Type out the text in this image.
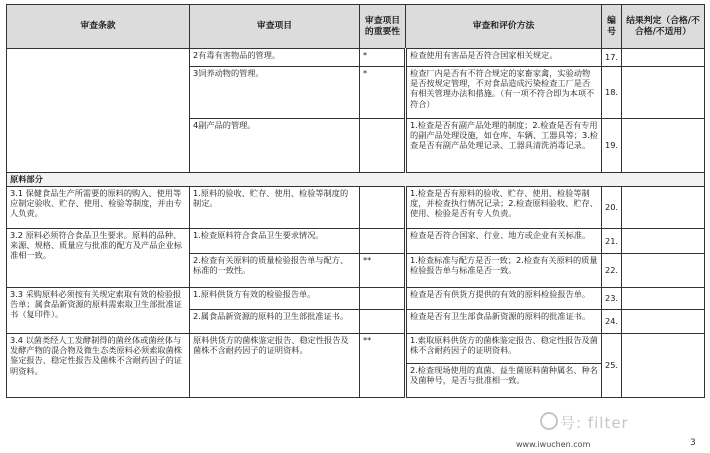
审查条款	审查项目	审查项目的重要性	审查和评价方法	编号	结果判定（合格/不合格/不适用）
	2有毒有害物品的管理。	*	检查使用有害品是否符合国家相关规定。	17.	
	3饲养动物的管理。	*	检查厂内是否有不符合规定的家畜家禽，实验动物是否按规定管理，不对食品造成污染检查工厂是否有相关管理办法和措施。（有一项不符合即为本项不符合）	18.	
	4副产品的管理。		1.检查是否有副产品处理的制度；2.检查是否有专用的副产品处理设施，如仓库、车辆、工器具等；3.检查是否有副产品处理记录、工器具清洗消毒记录。	19.	
原料部分					
3.1 保健食品生产所需要的原料的购入、使用等应制定验收、贮存、使用、检验等制度，并由专人负责。	1.原料的验收、贮存、使用、检验等制度的制定。		1.检查是否有原料的验收、贮存、使用、检验等制度，并检查执行情况记录；2.检查原料验收、贮存、使用、检验是否有专人负责。	20.	
3.2 原料必须符合食品卫生要求。原料的品种、来源、规格、质量应与批准的配方及产品企业标准相一致。	1.检查原料符合食品卫生要求情况。		检查是否符合国家、行业、地方或企业有关标准。	21.	
	2.检查有关原料的质量检验报告单与配方、标准的一致性。	**	1.检查标准与配方是否一致；2.检查有关原料的质量检验报告单与标准是否一致。	22.	
3.3 采购原料必须按有关规定索取有效的检验报告单；属食品新资源的原料需索取卫生部批准证书（复印件）。	1.原料供货方有效的检验报告单。		检查是否有供货方提供的有效的原料检验报告单。	23.	
	2.属食品新资源的原料的卫生部批准证书。		检查是否有卫生部食品新资源的原料的批准证书。	24.	
3.4 以菌类经人工发酵制得的菌丝体或菌丝体与发酵产物的混合物及微生态类原料必须索取菌株鉴定报告、稳定性报告及菌株不含耐药因子的证明资料。	原料供货方的菌株鉴定报告、稳定性报告及菌株不含耐药因子的证明资料。	**	1.索取原料供货方的菌株鉴定报告、稳定性报告及菌株不含耐药因子的证明资料。	25.	
			2.检查现场使用的真菌、益生菌原料菌种属名、种名及菌种号，是否与批准相一致。		
号: filter
www.iwuchen.com	3
